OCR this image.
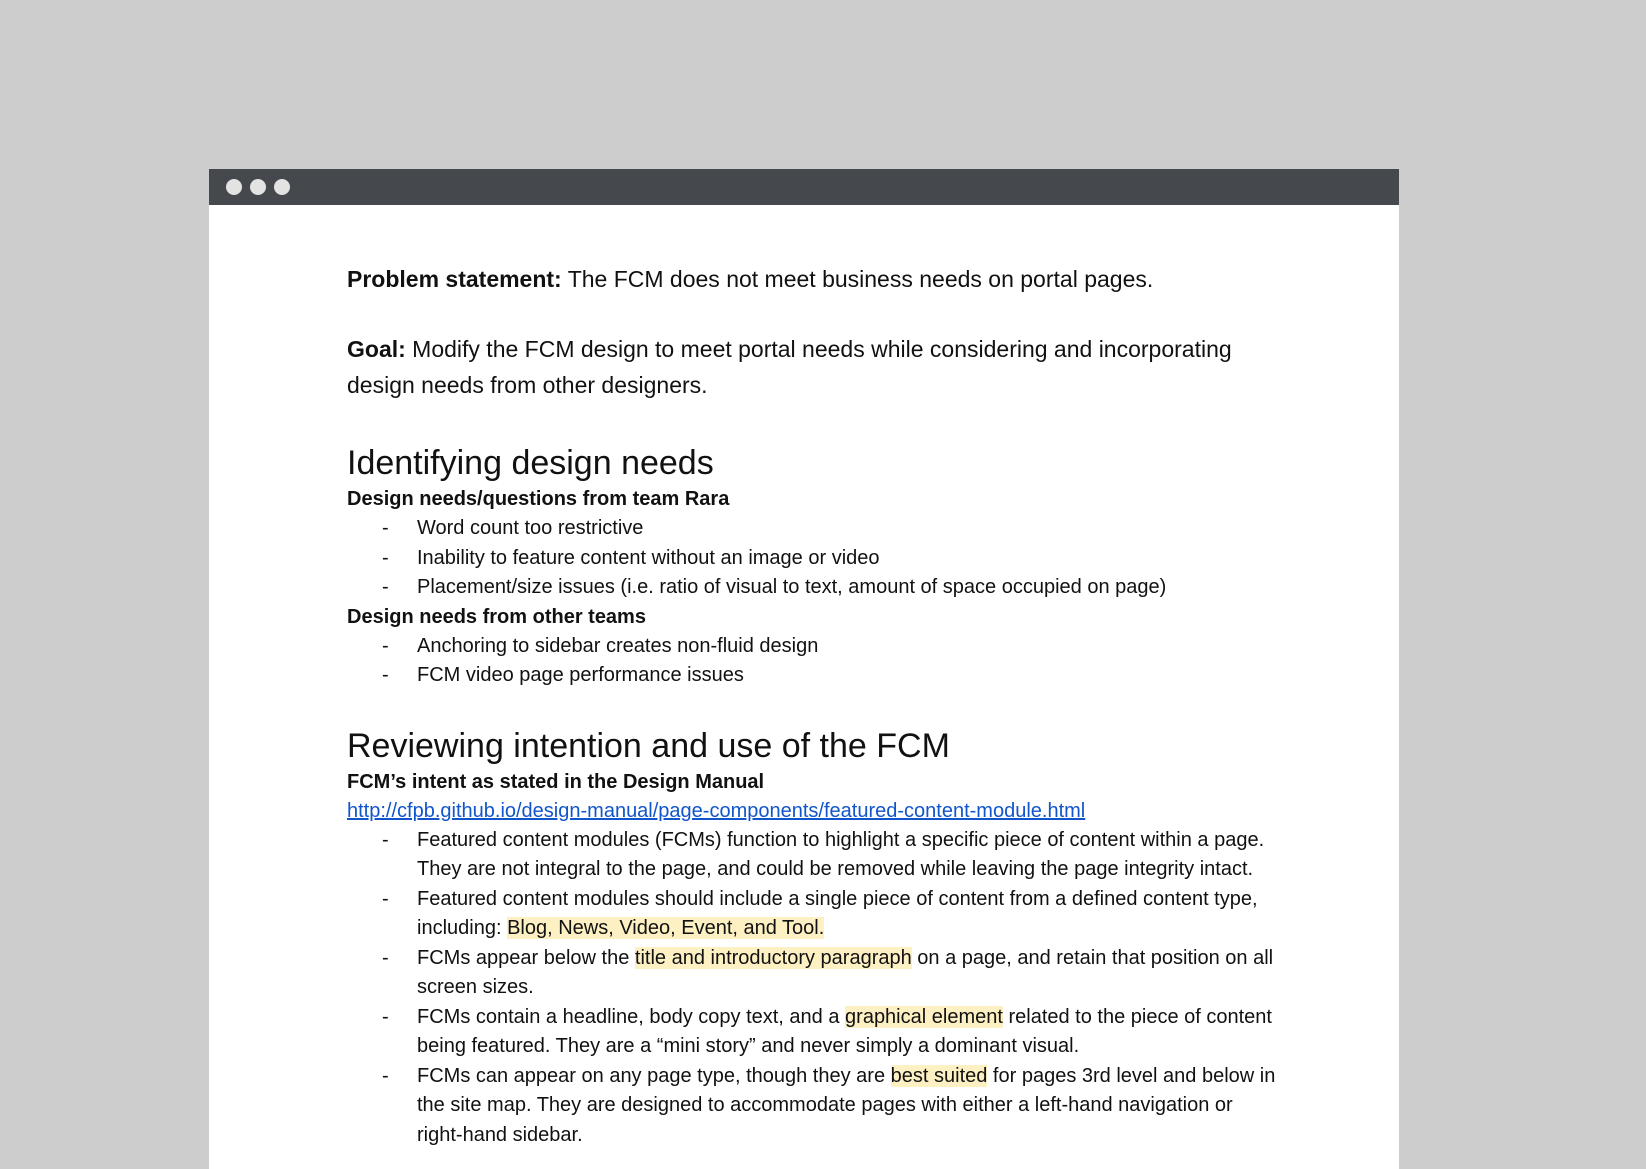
Problem statement: The FCM does not meet business needs on portal pages.

Goal: Modify the FCM design to meet portal needs while considering and incorporating design needs from other designers.

Identifying design needs

Design needs/questions from team Rara

- Word count too restrictive
- Inability to feature content without an image or video
- Placement/size issues (i.e. ratio of visual to text, amount of space occupied on page)

Design needs from other teams

- Anchoring to sidebar creates non-fluid design
- FCM video page performance issues
Reviewing intention and use of the FCM

FCM’s intent as stated in the Design Manual

http://cfpb.github.io/design-manual/page-components/featured-content-module.html
- Featured content modules (FCMs) function to highlight a specific piece of content within a page. They are not integral to the page, and could be removed while leaving the page integrity intact.
- Featured content modules should include a single piece of content from a defined content type, including: Blog, News, Video, Event, and Tool.
- FCMs appear below the title and introductory paragraph on a page, and retain that position on all screen sizes.
- FCMs contain a headline, body copy text, and a graphical element related to the piece of content being featured. They are a “mini story” and never simply a dominant visual.
- FCMs can appear on any page type, though they are best suited for pages 3rd level and below in the site map. They are designed to accommodate pages with either a left-hand navigation or right-hand sidebar.
